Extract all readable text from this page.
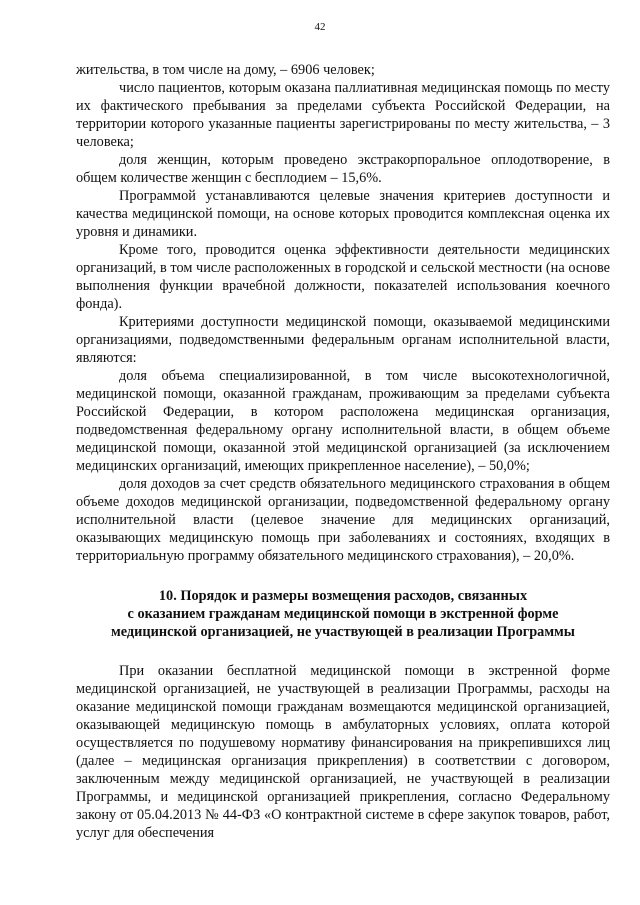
42

жительства, в том числе на дому, – 6906 человек;

число пациентов, которым оказана паллиативная медицинская помощь по месту их фактического пребывания за пределами субъекта Российской Федерации, на территории которого указанные пациенты зарегистрированы по месту жительства, – 3 человека;

доля женщин, которым проведено экстракорпоральное оплодотворение, в общем количестве женщин с бесплодием – 15,6%.

Программой устанавливаются целевые значения критериев доступности и качества медицинской помощи, на основе которых проводится комплексная оценка их уровня и динамики.

Кроме того, проводится оценка эффективности деятельности медицинских организаций, в том числе расположенных в городской и сельской местности (на основе выполнения функции врачебной должности, показателей использования коечного фонда).

Критериями доступности медицинской помощи, оказываемой медицинскими организациями, подведомственными федеральным органам исполнительной власти, являются:

доля объема специализированной, в том числе высокотехнологичной, медицинской помощи, оказанной гражданам, проживающим за пределами субъекта Российской Федерации, в котором расположена медицинская организация, подведомственная федеральному органу исполнительной власти, в общем объеме медицинской помощи, оказанной этой медицинской организацией (за исключением медицинских организаций, имеющих прикрепленное население), – 50,0%;

доля доходов за счет средств обязательного медицинского страхования в общем объеме доходов медицинской организации, подведомственной федеральному органу исполнительной власти (целевое значение для медицинских организаций, оказывающих медицинскую помощь при заболеваниях и состояниях, входящих в территориальную программу обязательного медицинского страхования), – 20,0%.

10. Порядок и размеры возмещения расходов, связанных
с оказанием гражданам медицинской помощи в экстренной форме
медицинской организацией, не участвующей в реализации Программы

При оказании бесплатной медицинской помощи в экстренной форме медицинской организацией, не участвующей в реализации Программы, расходы на оказание медицинской помощи гражданам возмещаются медицинской организацией, оказывающей медицинскую помощь в амбулаторных условиях, оплата которой осуществляется по подушевому нормативу финансирования на прикрепившихся лиц (далее – медицинская организация прикрепления) в соответствии с договором, заключенным между медицинской организацией, не участвующей в реализации Программы, и медицинской организацией прикрепления, согласно Федеральному закону от 05.04.2013 № 44-ФЗ «О контрактной системе в сфере закупок товаров, работ, услуг для обеспечения
